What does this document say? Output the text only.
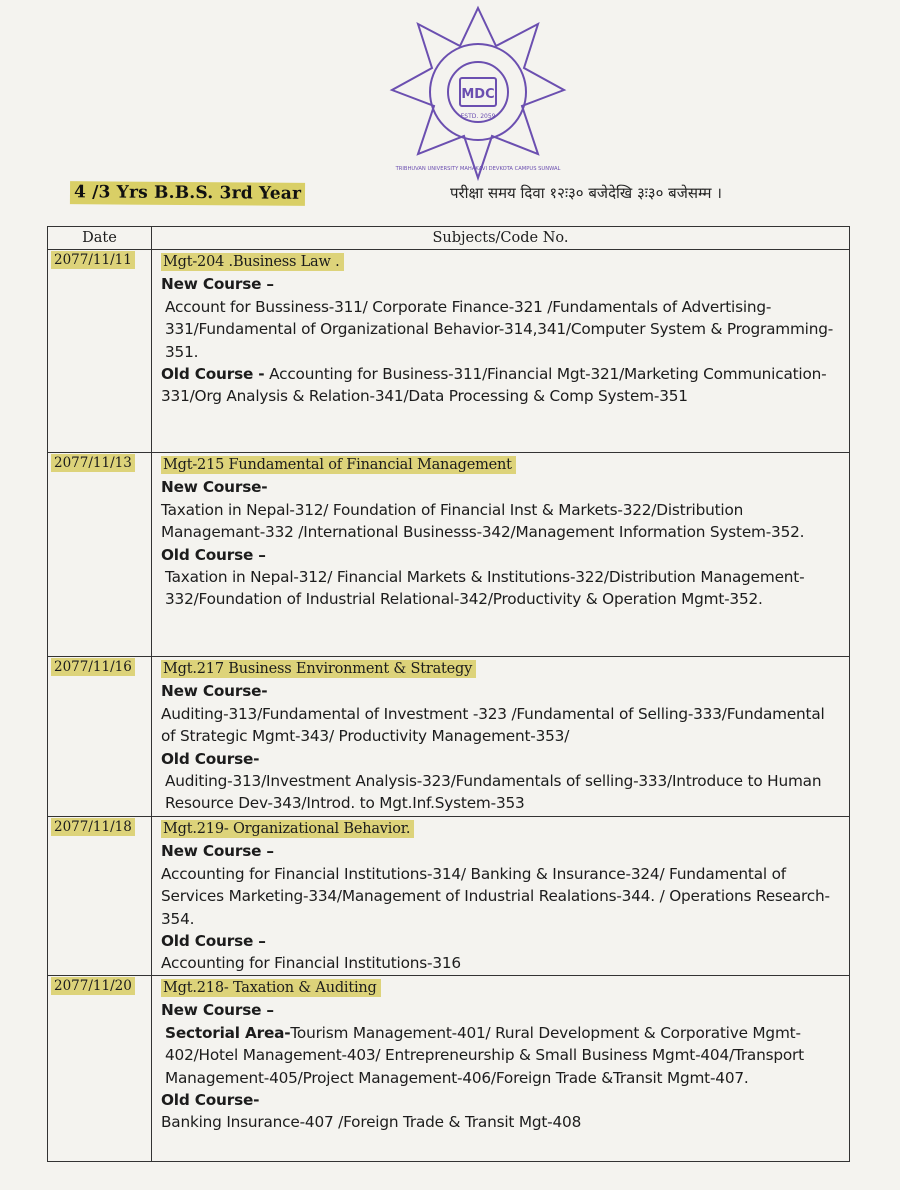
MDC
ESTD. 2059
TRIBHUVAN UNIVERSITY MAHAKAVI DEVKOTA CAMPUS SUNWAL
4 /3 Yrs B.B.S. 3rd Year	परीक्षा समय दिवा १२ः३० बजेदेखि ३ः३० बजेसम्म ।
Date	Subjects/Code No.
2077/11/11	Mgt-204 .Business Law .
New Course –
Account for Bussiness-311/ Corporate Finance-321 /Fundamentals of Advertising-331/Fundamental of Organizational Behavior-314,341/Computer System & Programming-351.
Old Course - Accounting for Business-311/Financial Mgt-321/Marketing Communication-331/Org Analysis & Relation-341/Data Processing & Comp System-351

2077/11/13	Mgt-215 Fundamental of Financial Management
New Course-
Taxation in Nepal-312/ Foundation of Financial Inst & Markets-322/Distribution Managemant-332 /International Businesss-342/Management Information System-352.
Old Course –
Taxation in Nepal-312/ Financial Markets & Institutions-322/Distribution Management-332/Foundation of Industrial Relational-342/Productivity & Operation Mgmt-352.

2077/11/16	Mgt.217 Business Environment & Strategy
New Course-
Auditing-313/Fundamental of Investment -323 /Fundamental of Selling-333/Fundamental of Strategic Mgmt-343/ Productivity Management-353/
Old Course-
Auditing-313/Investment Analysis-323/Fundamentals of selling-333/Introduce to Human Resource Dev-343/Introd. to Mgt.Inf.System-353

2077/11/18	Mgt.219- Organizational Behavior.
New Course –
Accounting for Financial Institutions-314/ Banking & Insurance-324/ Fundamental of Services Marketing-334/Management of Industrial Realations-344. / Operations Research-354.
Old Course –
Accounting for Financial Institutions-316

2077/11/20	Mgt.218- Taxation & Auditing
New Course –
Sectorial Area-Tourism Management-401/ Rural Development & Corporative Mgmt-402/Hotel Management-403/ Entrepreneurship & Small Business Mgmt-404/Transport Management-405/Project Management-406/Foreign Trade &Transit Mgmt-407.
Old Course-
Banking Insurance-407 /Foreign Trade & Transit Mgt-408
